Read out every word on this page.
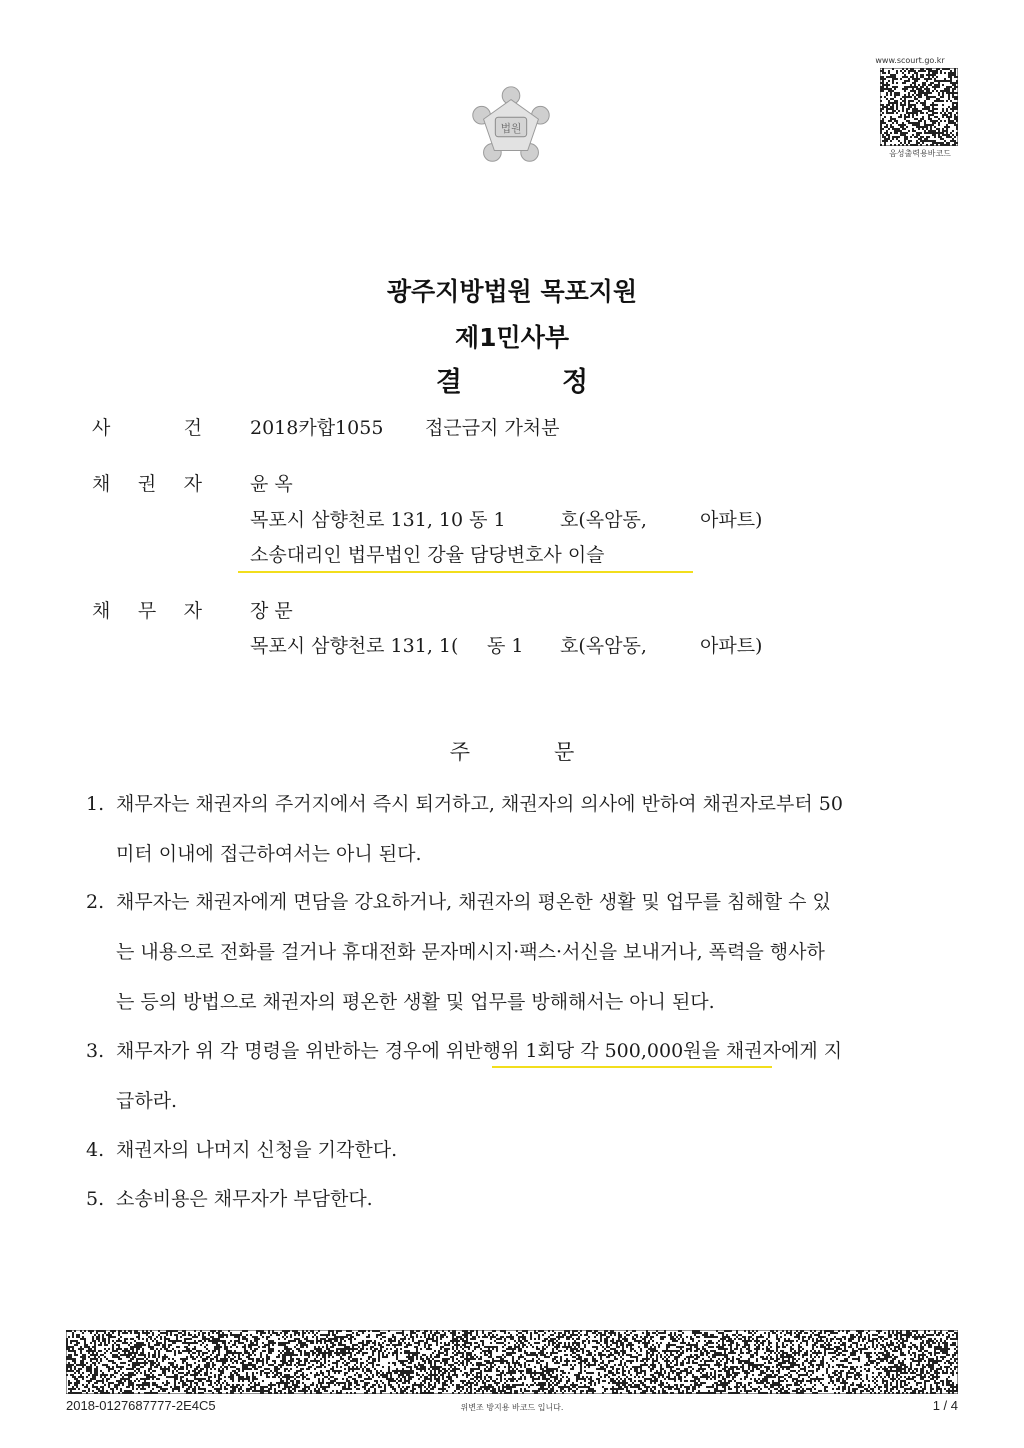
법원
www.scourt.go.kr
음성출력용바코드
광주지방법원 목포지원
제1민사부
결	정
사	건	2018카합1055 접근금지 가처분
채 권 자	윤 옥
목포시 삼향천로 131, 10 동 1	호(옥암동,	아파트)
소송대리인 법무법인 강율 담당변호사 이슬
채 무 자	장 문
목포시 삼향천로 131, 1( 동 1 호(옥암동,	아파트)
주	문
1. 채무자는 채권자의 주거지에서 즉시 퇴거하고, 채권자의 의사에 반하여 채권자로부터 50
미터 이내에 접근하여서는 아니 된다.
2. 채무자는 채권자에게 면담을 강요하거나, 채권자의 평온한 생활 및 업무를 침해할 수 있
는 내용으로 전화를 걸거나 휴대전화 문자메시지·팩스·서신을 보내거나, 폭력을 행사하
는 등의 방법으로 채권자의 평온한 생활 및 업무를 방해해서는 아니 된다.
3. 채무자가 위 각 명령을 위반하는 경우에 위반행위 1회당 각 500,000원을 채권자에게 지
급하라.
4. 채권자의 나머지 신청을 기각한다.
5. 소송비용은 채무자가 부담한다.
2018-0127687777-2E4C5	위변조 방지용 바코드 입니다.	1 / 4
